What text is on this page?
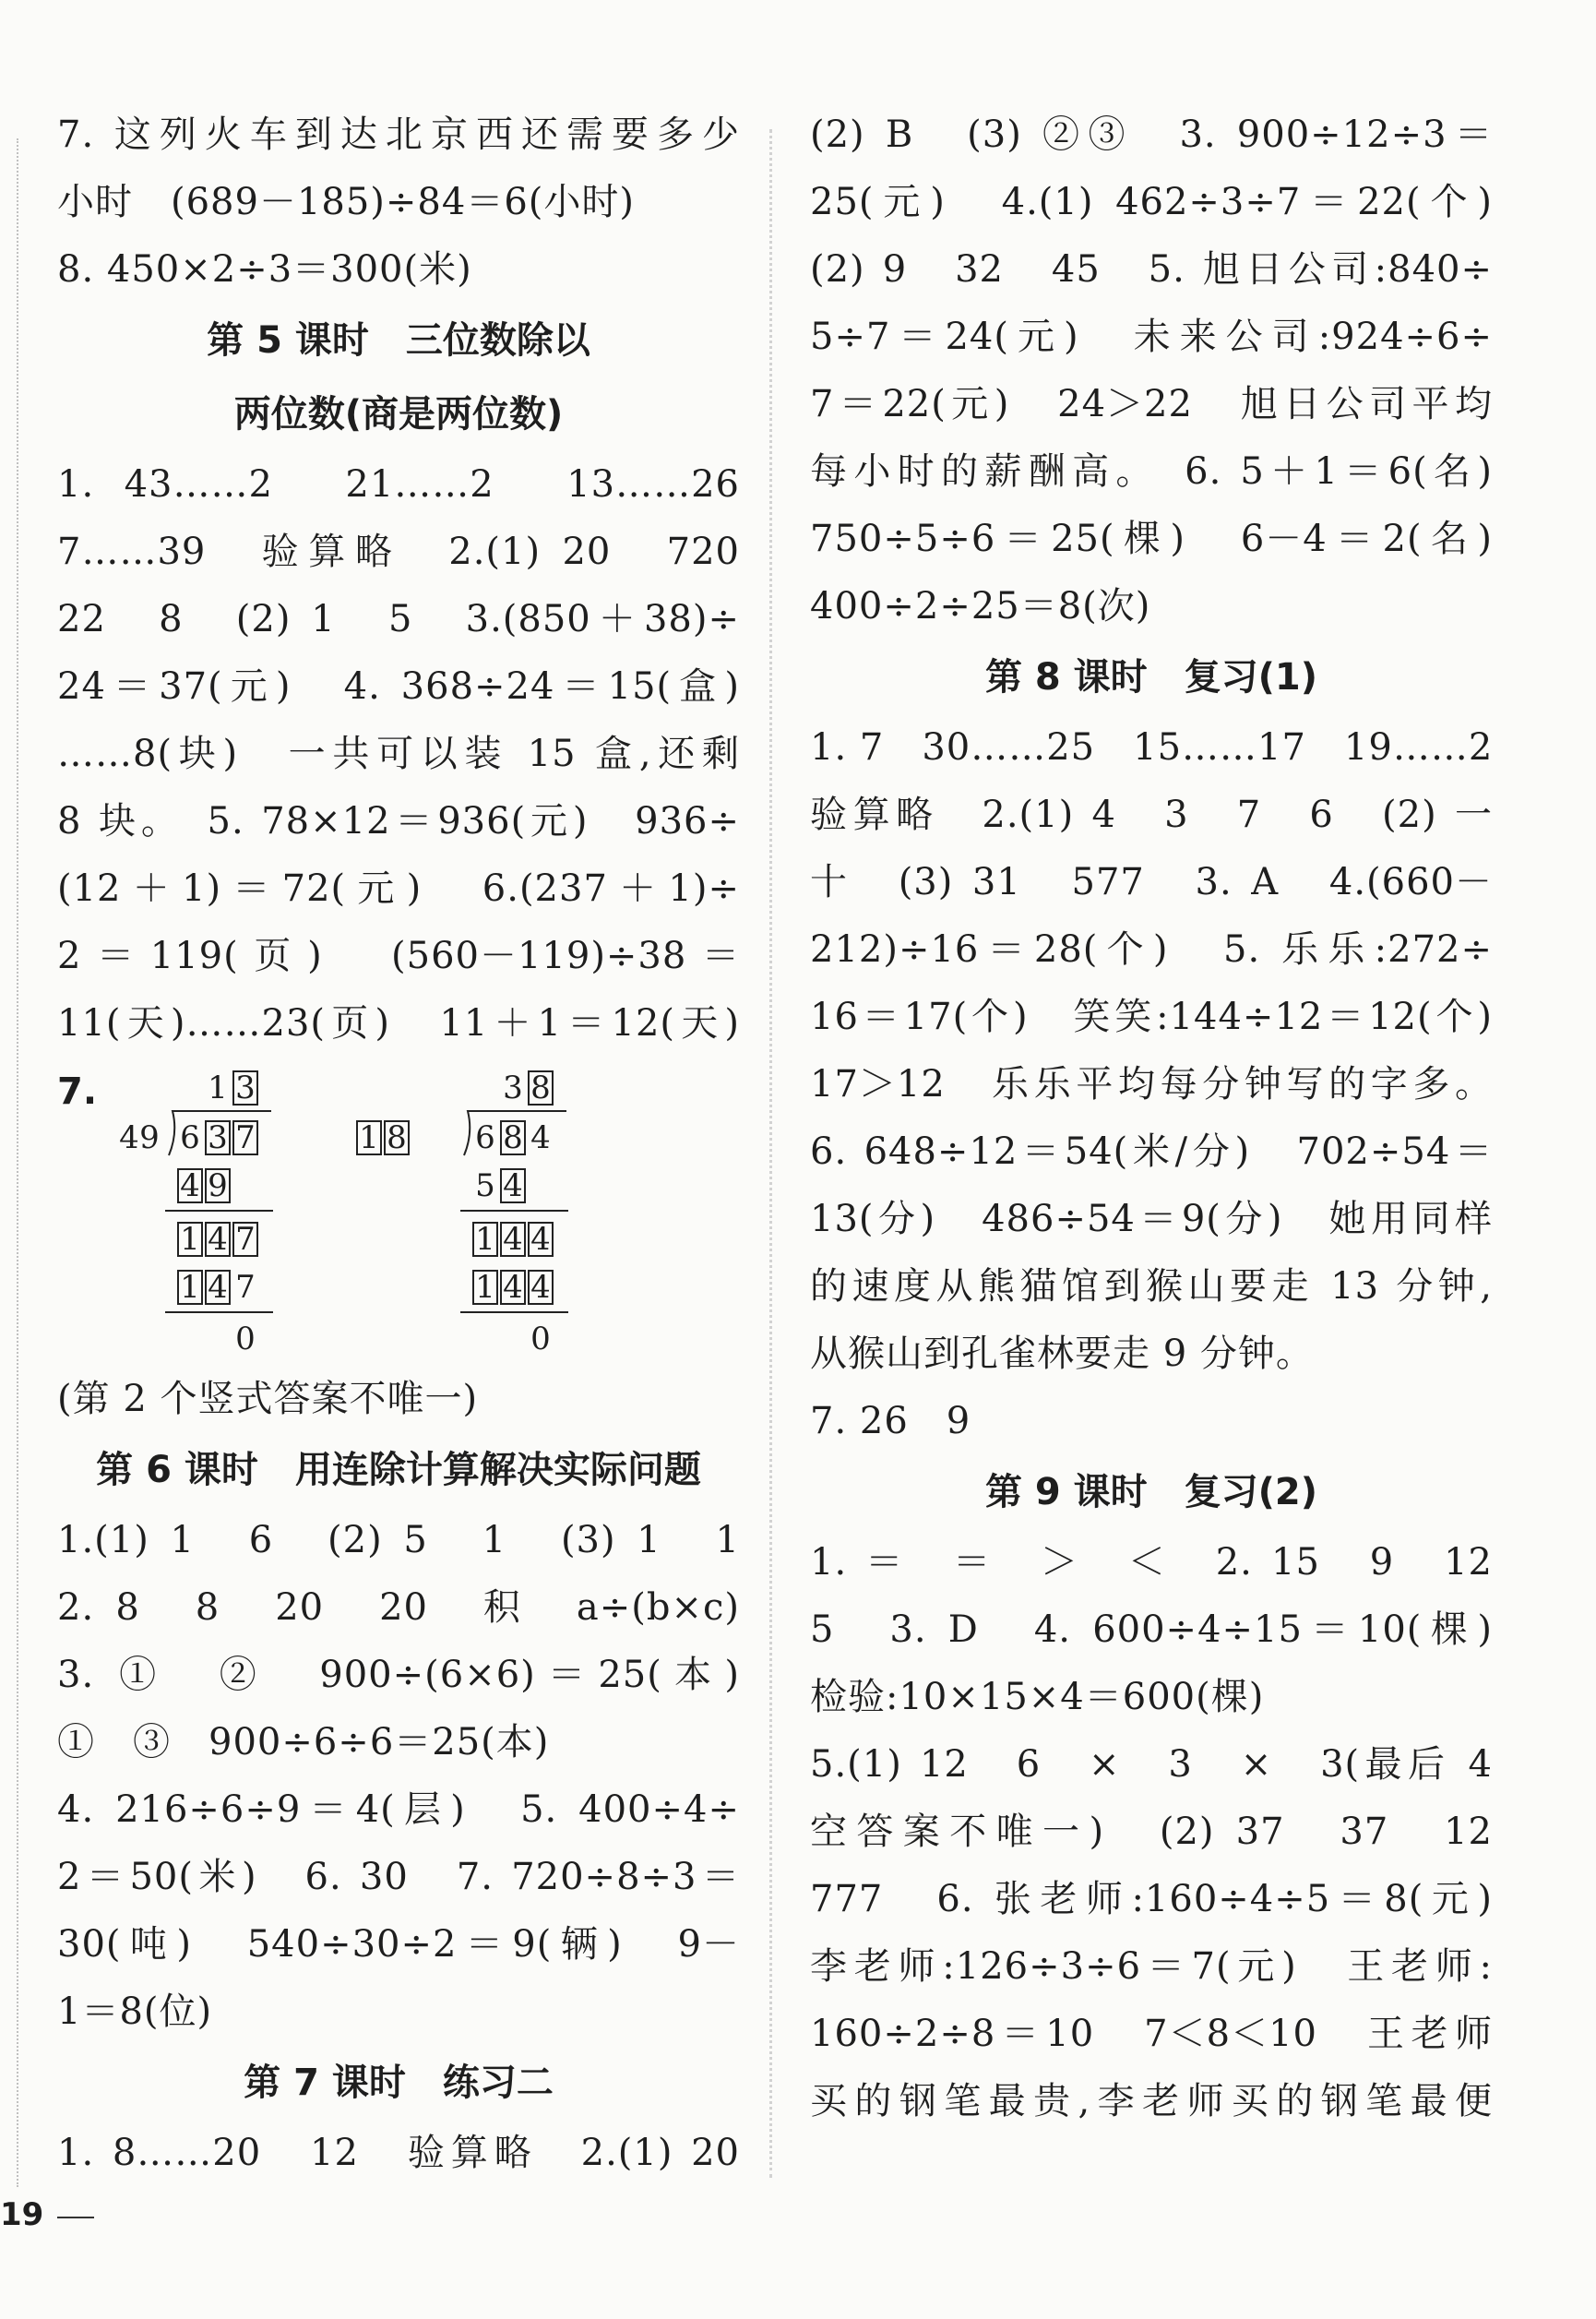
7. 这列火车到达北京西还需要多少
小时　(689－185)÷84＝6(小时)
8. 450×2÷3＝300(米)
第 5 课时　三位数除以
两位数(商是两位数)
1. 43……2　21……2　13……26
7……39　验算略　2.(1) 20　720
22　8　(2) 1　5　3.(850＋38)÷
24＝37(元)　4. 368÷24＝15(盒)
……8(块)　一共可以装 15 盒,还剩
8 块。　5. 78×12＝936(元)　936÷
(12＋1)＝72(元)　6.(237＋1)÷
2＝119(页)　(560－119)÷38＝
11(天)……23(页)　11＋1＝12(天)
7.	1 3
4 9 6 3 7
4 9
1 4 7
1 4 7
0
3 8
1 8 6 8 4
5 4
1 4 4
1 4 4
0
(第 2 个竖式答案不唯一)
第 6 课时　用连除计算解决实际问题
1.(1) 1　6　(2) 5　1　(3) 1　1
2. 8　8　20　20　积　a÷(b×c)
3. ①　②　900÷(6×6)＝25(本)
①　③　900÷6÷6＝25(本)
4. 216÷6÷9＝4(层)　5. 400÷4÷
2＝50(米)　6. 30　7. 720÷8÷3＝
30(吨)　540÷30÷2＝9(辆)　9－
1＝8(位)
第 7 课时　练习二
1. 8……20　12　验算略　2.(1) 20
(2) B　(3) ②③　3. 900÷12÷3＝
25(元)　4.(1) 462÷3÷7＝22(个)
(2) 9　32　45　5. 旭日公司:840÷
5÷7＝24(元)　未来公司:924÷6÷
7＝22(元)　24＞22　旭日公司平均
每小时的薪酬高。　6. 5＋1＝6(名)
750÷5÷6＝25(棵)　6－4＝2(名)
400÷2÷25＝8(次)
第 8 课时　复习(1)
1. 7　30……25　15……17　19……2
验算略　2.(1) 4　3　7　6　(2) 一
十　(3) 31　577　3. A　4.(660－
212)÷16＝28(个)　5. 乐乐:272÷
16＝17(个)　笑笑:144÷12＝12(个)
17＞12　乐乐平均每分钟写的字多。
6. 648÷12＝54(米/分)　702÷54＝
13(分)　486÷54＝9(分)　她用同样
的速度从熊猫馆到猴山要走 13 分钟,
从猴山到孔雀林要走 9 分钟。
7. 26　9
第 9 课时　复习(2)
1. ＝　＝　＞　＜　2. 15　9　12
5　3. D　4. 600÷4÷15＝10(棵)
检验:10×15×4＝600(棵)
5.(1) 12　6　×　3　×　3(最后 4
空答案不唯一)　(2) 37　37　12
777　6. 张老师:160÷4÷5＝8(元)
李老师:126÷3÷6＝7(元)　王老师:
160÷2÷8＝10　7＜8＜10　王老师
买的钢笔最贵,李老师买的钢笔最便
19
